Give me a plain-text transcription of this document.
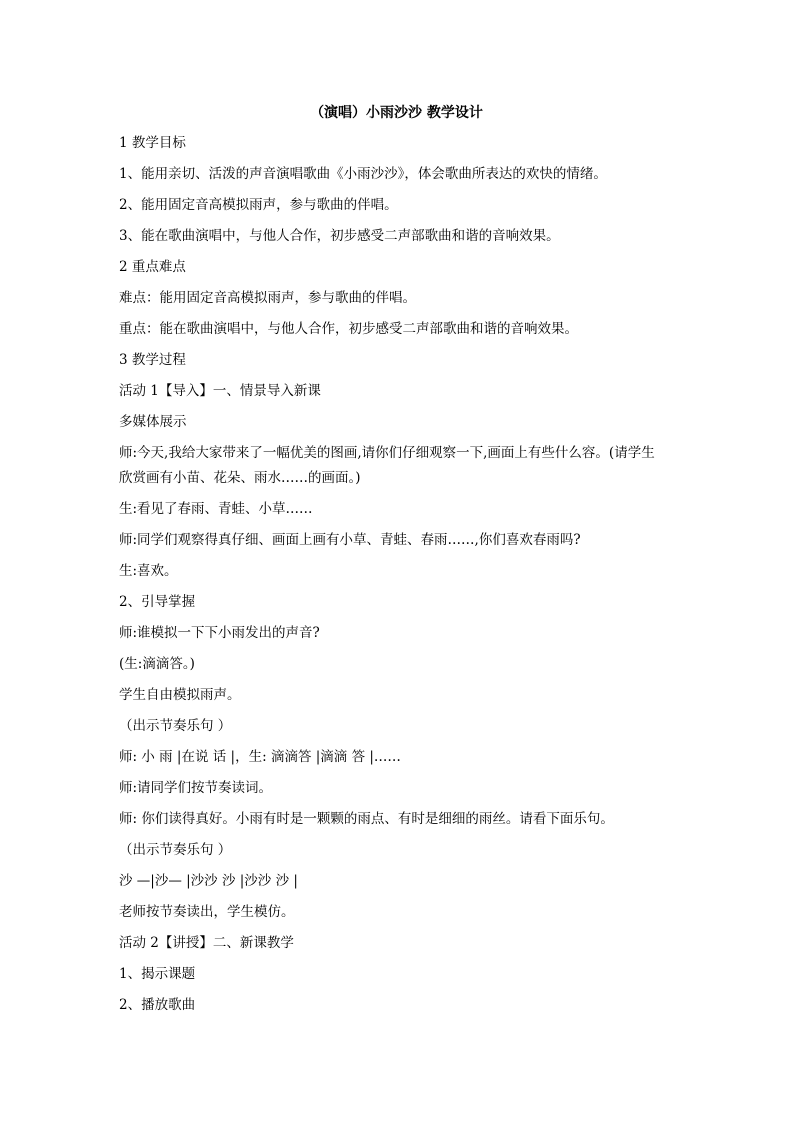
（演唱）小雨沙沙 教学设计
1 教学目标
1、能用亲切、活泼的声音演唱歌曲《小雨沙沙》，体会歌曲所表达的欢快的情绪。
2、能用固定音高模拟雨声，参与歌曲的伴唱。
3、能在歌曲演唱中，与他人合作，初步感受二声部歌曲和谐的音响效果。
2 重点难点
难点：能用固定音高模拟雨声，参与歌曲的伴唱。
重点：能在歌曲演唱中，与他人合作，初步感受二声部歌曲和谐的音响效果。
3 教学过程
活动 1【导入】一、情景导入新课
多媒体展示
师:今天,我给大家带来了一幅优美的图画,请你们仔细观察一下,画面上有些什么容。(请学生
欣赏画有小苗、花朵、雨水……的画面。)
生:看见了春雨、青蛙、小草……
师:同学们观察得真仔细、画面上画有小草、青蛙、春雨……,你们喜欢春雨吗?
生:喜欢。
2、引导掌握
师:谁模拟一下下小雨发出的声音?
(生:滴滴答。)
学生自由模拟雨声。
（出示节奏乐句 ）
师: 小 雨 |在说 话 |，生: 滴滴答 |滴滴 答 |……
师:请同学们按节奏读词。
师: 你们读得真好。小雨有时是一颗颗的雨点、有时是细细的雨丝。请看下面乐句。
（出示节奏乐句 ）
沙 —|沙— |沙沙 沙 |沙沙 沙 |
老师按节奏读出，学生模仿。
活动 2【讲授】二、新课教学
1、揭示课题
2、播放歌曲
